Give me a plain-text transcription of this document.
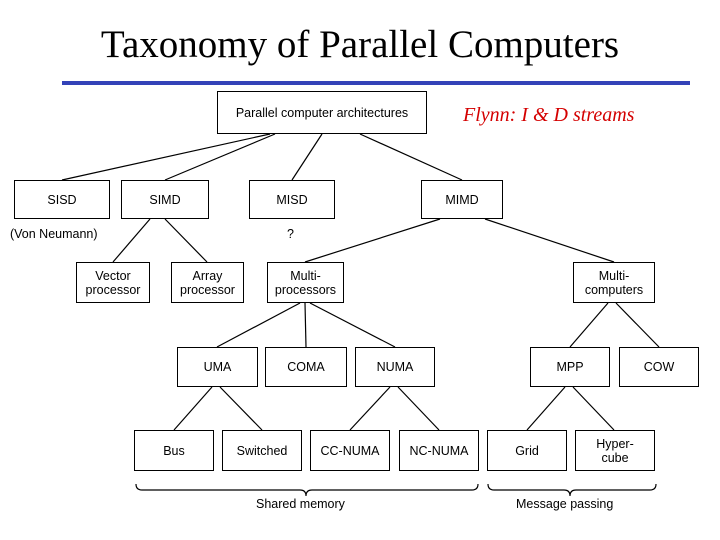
Taxonomy of Parallel Computers
Flynn: I & D streams
Parallel computer architectures
SISD	SIMD	MISD	MIMD
(Von Neumann)	?
Vector
processor
Array
processor
Multi-
processors
Multi-
computers
UMA	COMA	NUMA	MPP	COW
Bus	Switched	CC-NUMA	NC-NUMA	Grid	Hyper-
cube
Shared memory	Message passing
